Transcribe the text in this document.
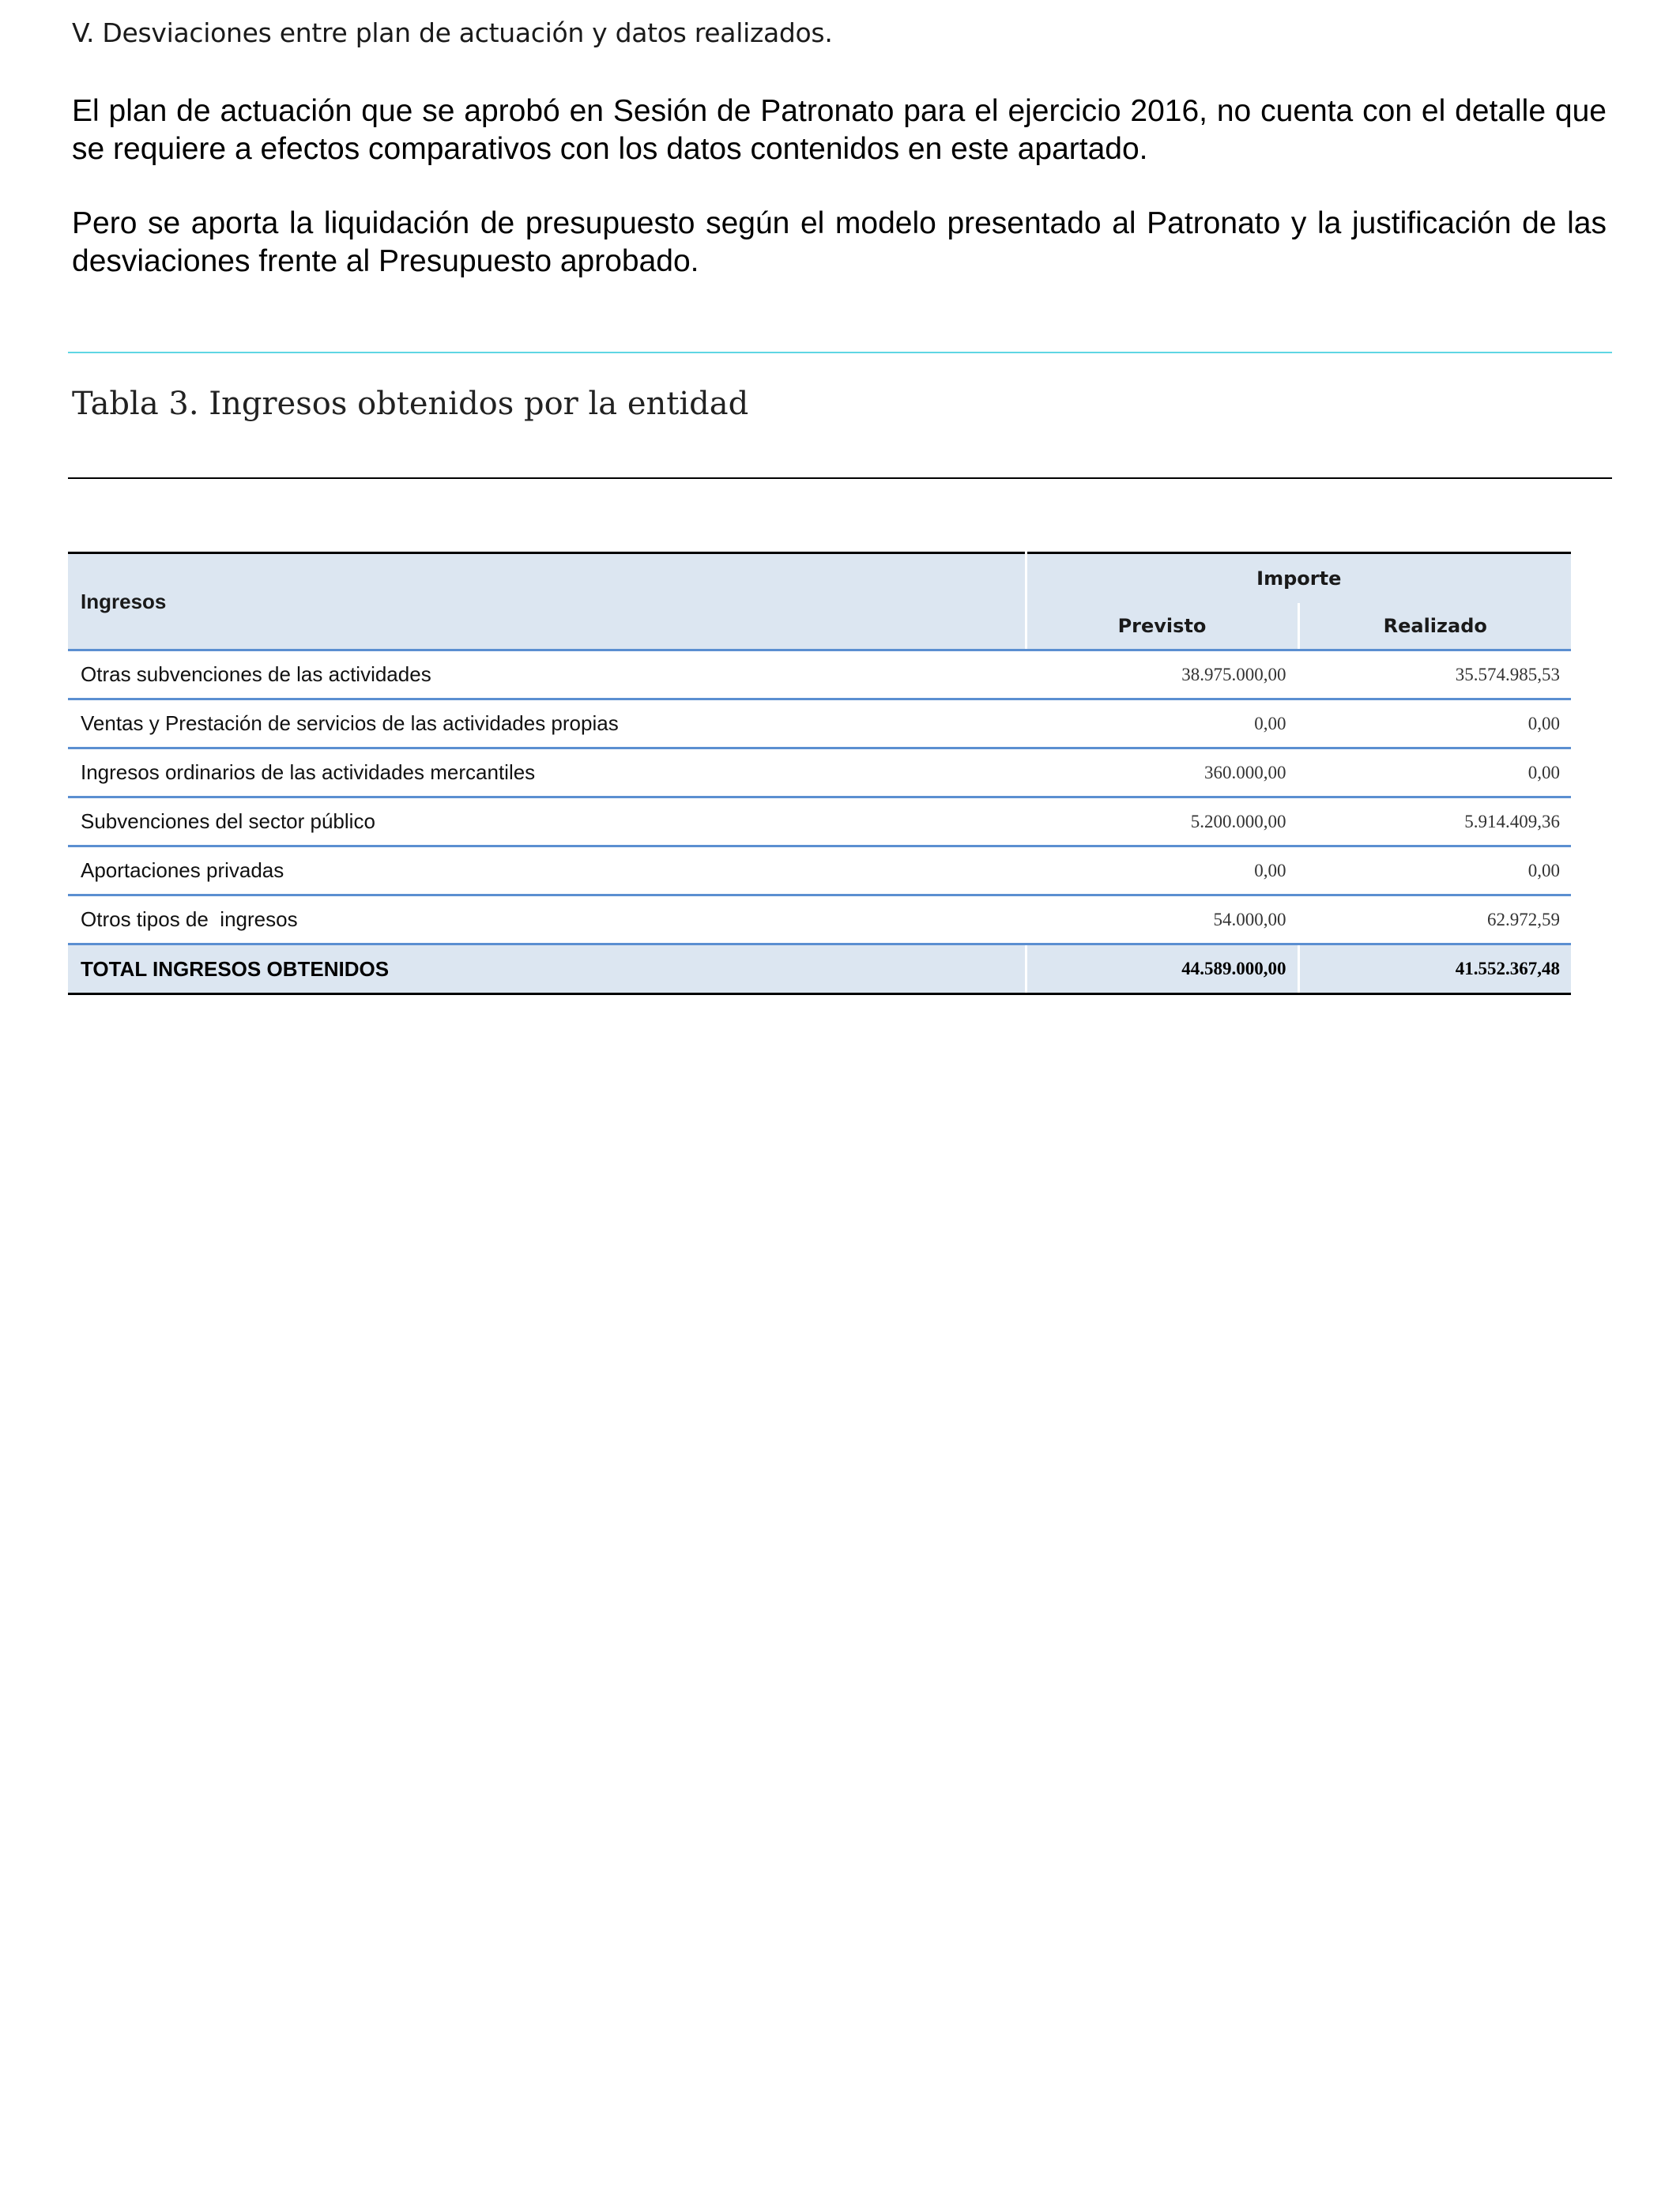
V. Desviaciones entre plan de actuación y datos realizados.

El plan de actuación que se aprobó en Sesión de Patronato para el ejercicio 2016, no cuenta con el detalle que se requiere a efectos comparativos con los datos contenidos en este apartado.

Pero se aporta la liquidación de presupuesto según el modelo presentado al Patronato y la justificación de las desviaciones frente al Presupuesto aprobado.

Tabla 3. Ingresos obtenidos por la entidad
Ingresos	Importe	
	Previsto	Realizado
Otras subvenciones de las actividades	38.975.000,00	35.574.985,53
Ventas y Prestación de servicios de las actividades propias	0,00	0,00
Ingresos ordinarios de las actividades mercantiles	360.000,00	0,00
Subvenciones del sector público	5.200.000,00	5.914.409,36
Aportaciones privadas	0,00	0,00
Otros tipos de  ingresos	54.000,00	62.972,59
TOTAL INGRESOS OBTENIDOS	44.589.000,00	41.552.367,48
